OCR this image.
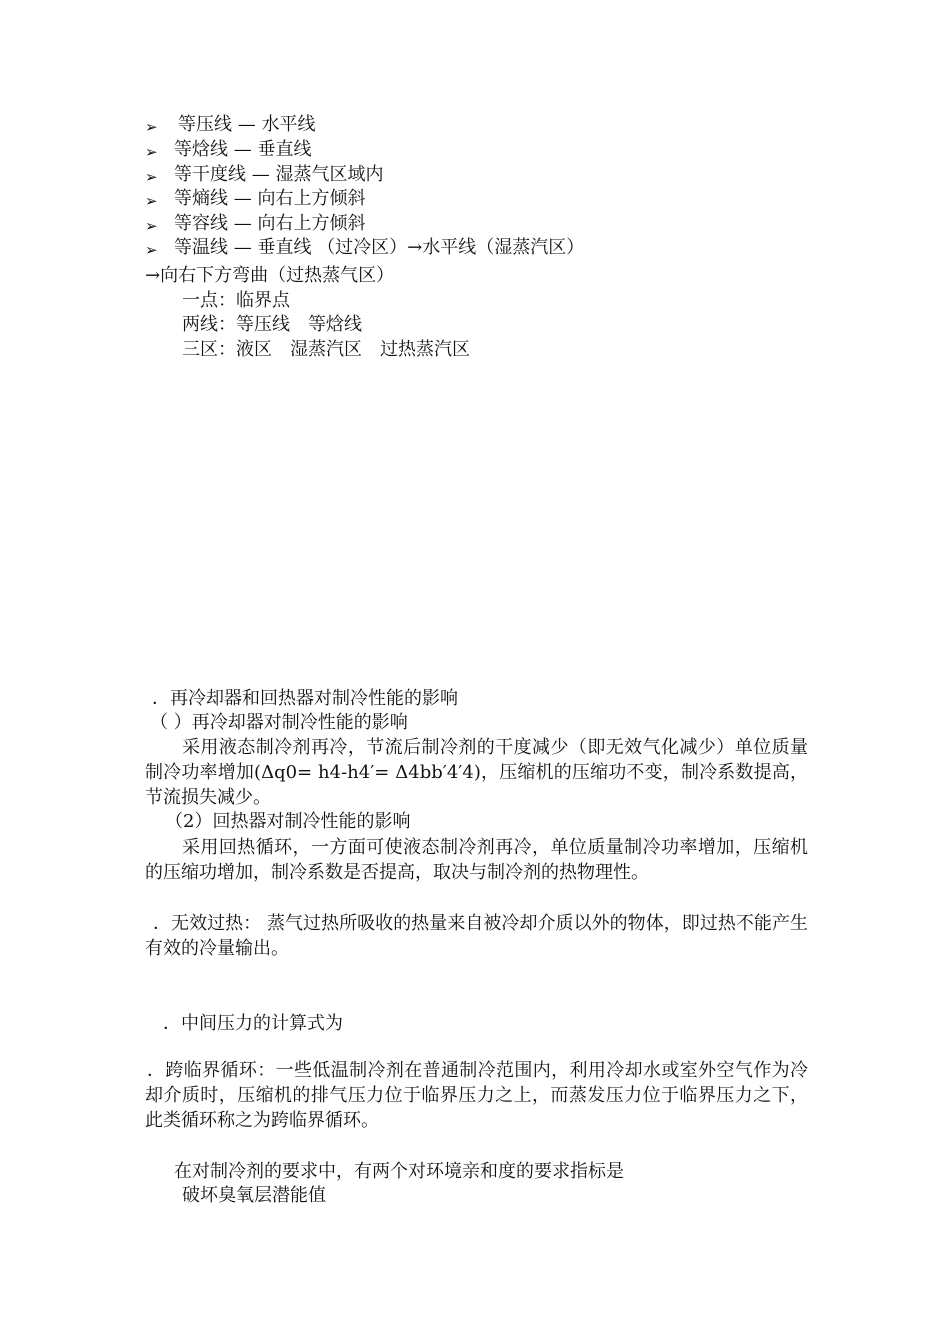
➢	等压线 — 水平线
➢ 等焓线 — 垂直线
➢ 等干度线 — 湿蒸气区域内
➢ 等熵线 — 向右上方倾斜
➢ 等容线 — 向右上方倾斜
➢ 等温线 — 垂直线 （过冷区）→水平线（湿蒸汽区）
→向右下方弯曲（过热蒸气区）
一点：临界点
两线：等压线　等焓线
三区：液区　湿蒸汽区　过热蒸汽区
．再冷却器和回热器对制冷性能的影响
（ ）再冷却器对制冷性能的影响
采用液态制冷剂再冷，节流后制冷剂的干度减少（即无效气化减少）单位质量制冷功率增加(Δq0= h4-h4′= Δ4bb′4′4)，压缩机的压缩功不变，制冷系数提高，节流损失减少。
（2）回热器对制冷性能的影响
采用回热循环，一方面可使液态制冷剂再冷，单位质量制冷功率增加，压缩机的压缩功增加，制冷系数是否提高，取决与制冷剂的热物理性。
．无效过热： 蒸气过热所吸收的热量来自被冷却介质以外的物体，即过热不能产生有效的冷量输出。
．中间压力的计算式为
．跨临界循环：一些低温制冷剂在普通制冷范围内，利用冷却水或室外空气作为冷却介质时，压缩机的排气压力位于临界压力之上，而蒸发压力位于临界压力之下，此类循环称之为跨临界循环。
在对制冷剂的要求中，有两个对环境亲和度的要求指标是
破坏臭氧层潜能值
